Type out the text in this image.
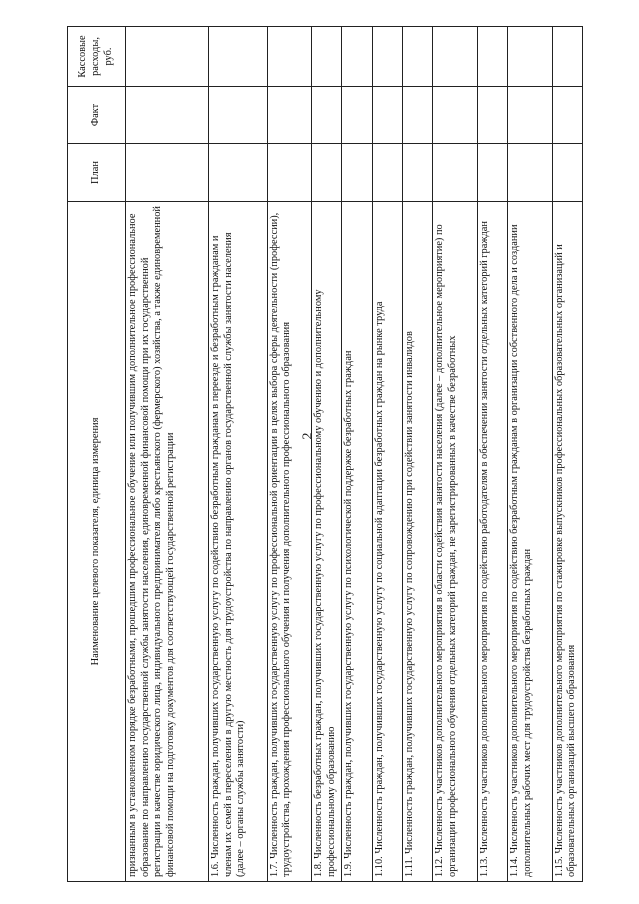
2
Наименование целевого показателя, единица измерения	План	Факт	Кассовые расходы, руб.
признанным в установленном порядке безработными, прошедшим профессиональное обучение или получившим дополнительное профессиональное образование по направлению государственной службы занятости населения, единовременной финансовой помощи при их государственной регистрации в качестве юридического лица, индивидуального предпринимателя либо крестьянского (фермерского) хозяйства, а также единовременной финансовой помощи на подготовку документов для соответствующей государственной регистрации			
1.6. Численность граждан, получивших государственную услугу по содействию безработным гражданам в переезде и безработным гражданам и членам их семей в переселении в другую местность для трудоустройства по направлению органов государственной службы занятости населения (далее – органы службы занятости)			
1.7. Численность граждан, получивших государственную услугу по профессиональной ориентации в целях выбора сферы деятельности (профессии), трудоустройства, прохождения профессионального обучения и получения дополнительного профессионального образования			
1.8. Численность безработных граждан, получивших государственную услугу по профессиональному обучению и дополнительному профессиональному образованию			
1.9. Численность граждан, получивших государственную услугу по психологической поддержке безработных граждан			
1.10. Численность граждан, получивших государственную услугу по социальной адаптации безработных граждан на рынке труда			
1.11. Численность граждан, получивших государственную услугу по сопровождению при содействии занятости инвалидов			
1.12. Численность участников дополнительного мероприятия в области содействия занятости населения (далее – дополнительное мероприятие) по организации профессионального обучения отдельных категорий граждан, не зарегистрированных в качестве безработных			
1.13. Численность участников дополнительного мероприятия по содействию работодателям в обеспечении занятости отдельных категорий граждан			
1.14. Численность участников дополнительного мероприятия по содействию безработным гражданам в организации собственного дела и создании дополнительных рабочих мест для трудоустройства безработных граждан			
1.15. Численность участников дополнительного мероприятия по стажировке выпускников профессиональных образовательных организаций и образовательных организаций высшего образования			
